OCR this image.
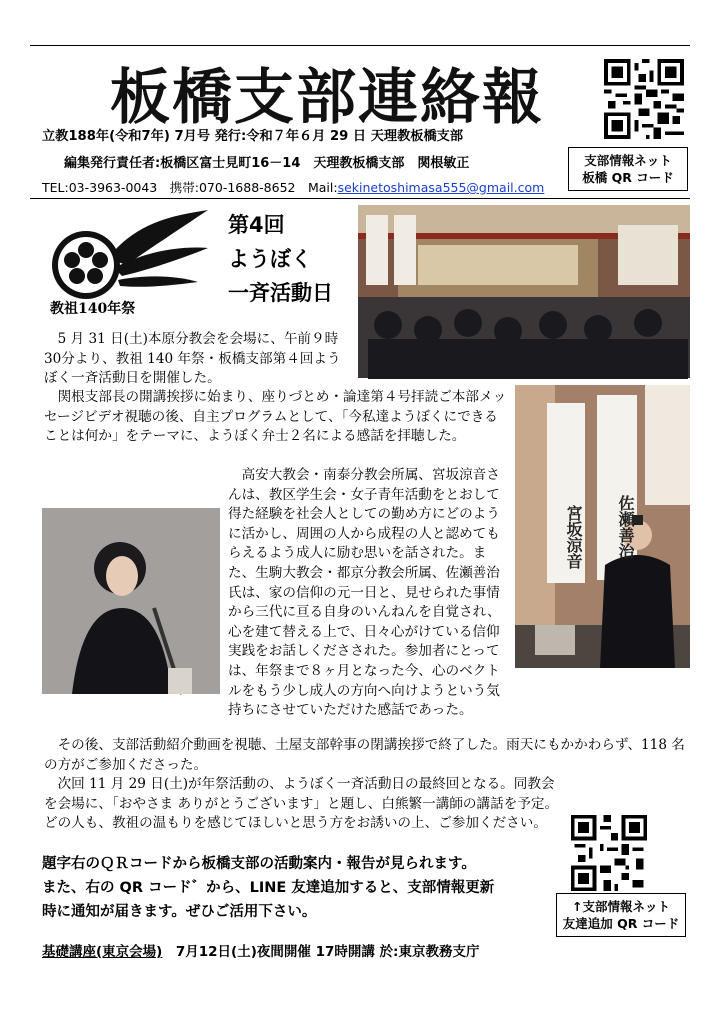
板橋支部連絡報
立教188年(令和7年) 7月号 発行:令和７年６月 29 日 天理教板橋支部
編集発行責任者:板橋区富士見町16－14　天理教板橋支部　関根敏正
TEL:03-3963-0043　携帯:070-1688-8652　Mail:sekinetoshimasa555@gmail.com
支部情報ネット
板橋 QR コード
教祖140年祭
第4回
ようぼく
一斉活動日
宮坂涼音	佐瀬善治

5 月 31 日(土)本原分教会を会場に、午前９時30分より、教祖 140 年祭・板橋支部第４回ようぼく一斉活動日を開催した。

関根支部長の開講挨拶に始まり、座りづとめ・論達第４号拝読ご本部メッセージビデオ視聴の後、自主プログラムとして、「今私達ようぼくにできることは何か」をテーマに、ようぼく弁士２名による感話を拝聴した。

高安大教会・南泰分教会所属、宮坂涼音さんは、教区学生会・女子青年活動をとおして得た経験を社会人としての勤め方にどのように活かし、周囲の人から成程の人と認めてもらえるよう成人に励む思いを話された。また、生駒大教会・都京分教会所属、佐瀬善治氏は、家の信仰の元一日と、見せられた事情から三代に亘る自身のいんねんを自覚され、心を建て替える上で、日々心がけている信仰実践をお話しくださされた。参加者にとっては、年祭まで８ヶ月となった今、心のベクトルをもう少し成人の方向へ向けようという気持ちにさせていただけた感話であった。

その後、支部活動紹介動画を視聴、土屋支部幹事の閉講挨拶で終了した。雨天にもかかわらず、118 名の方がご参加くださった。

次回 11 月 29 日(土)が年祭活動の、ようぼく一斉活動日の最終回となる。同教会を会場に、「おやさま ありがとうございます」と題し、白熊繁一講師の講話を予定。どの人も、教祖の温もりを感じてほしいと思う方をお誘いの上、ご参加ください。

題字右のＱＲコードから板橋支部の活動案内・報告が見られます。
また、右の QR コード゛から、LINE 友達追加すると、支部情報更新
時に通知が届きます。ぜひご活用下さい。	↑支部情報ネット
友達追加 QR コード
基礎講座(東京会場)　7月12日(土)夜間開催 17時開講 於:東京教務支庁
